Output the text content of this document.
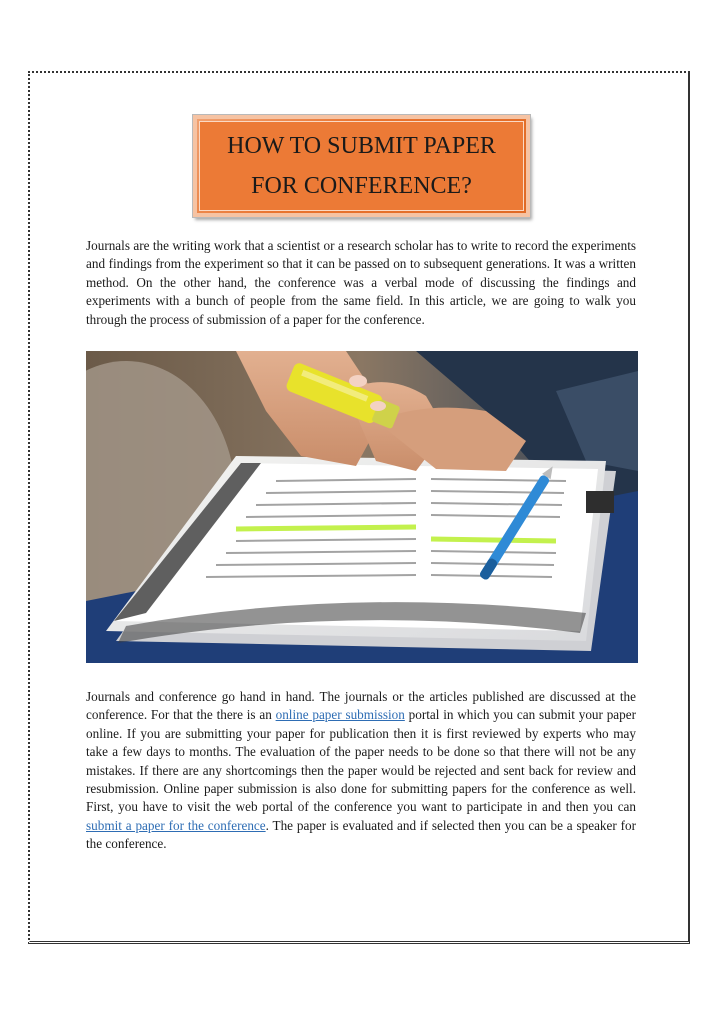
HOW TO SUBMIT PAPER
FOR CONFERENCE?

Journals are the writing work that a scientist or a research scholar has to write to record the experiments and findings from the experiment so that it can be passed on to subsequent generations. It was a written method. On the other hand, the conference was a verbal mode of discussing the findings and experiments with a bunch of people from the same field. In this article, we are going to walk you through the process of submission of a paper for the conference.

Journals and conference go hand in hand. The journals or the articles published are discussed at the conference. For that the there is an online paper submission portal in which you can submit your paper online. If you are submitting your paper for publication then it is first reviewed by experts who may take a few days to months. The evaluation of the paper needs to be done so that there will not be any mistakes. If there are any shortcomings then the paper would be rejected and sent back for review and resubmission. Online paper submission is also done for submitting papers for the conference as well. First, you have to visit the web portal of the conference you want to participate in and then you can submit a paper for the conference. The paper is evaluated and if selected then you can be a speaker for the conference.
